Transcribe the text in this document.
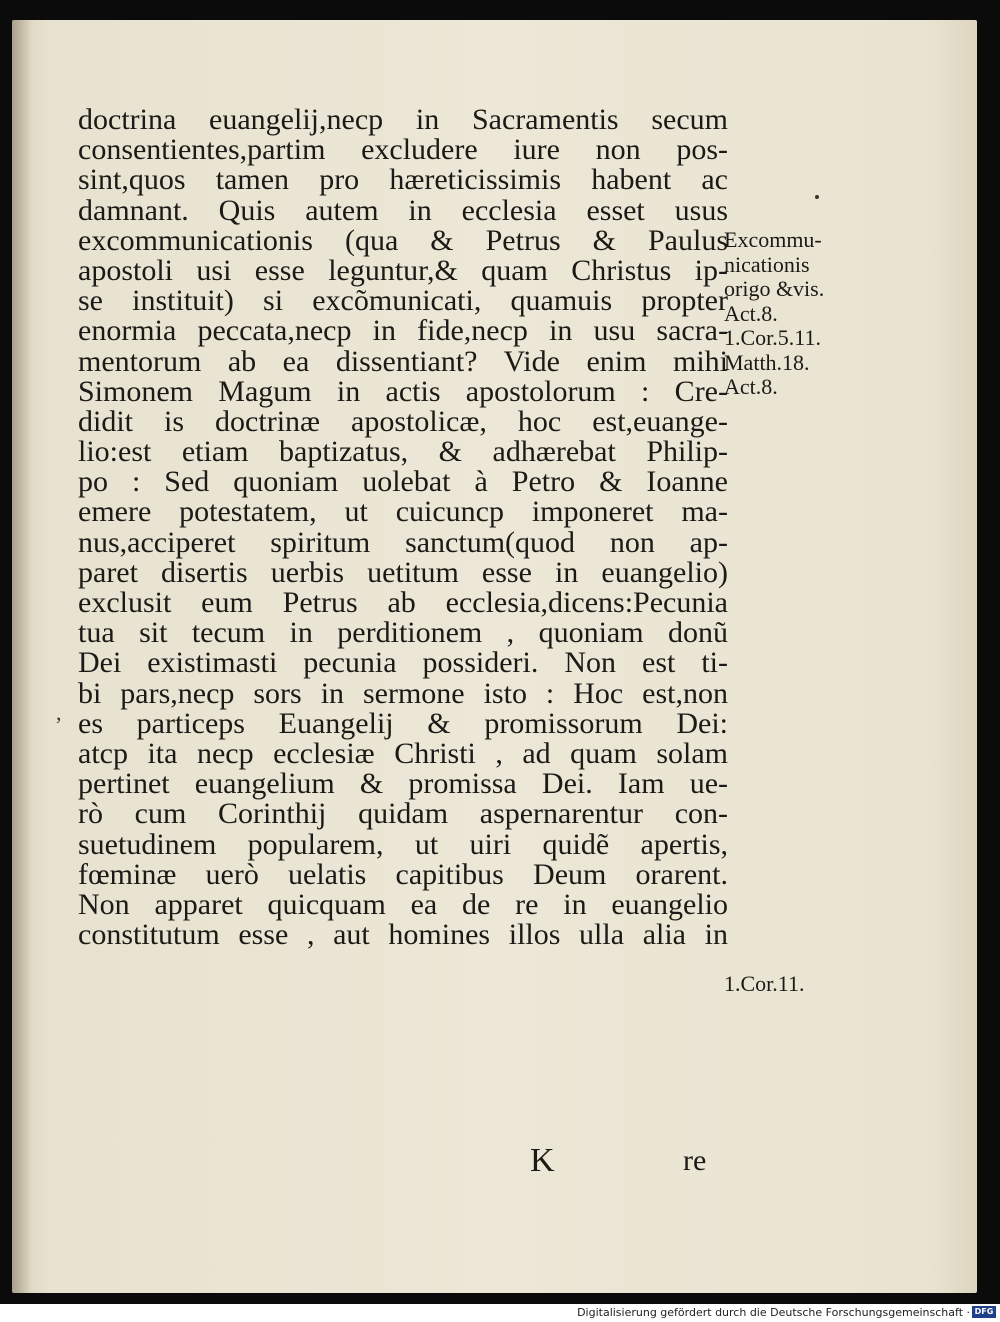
doctrina euangelij,necp in Sacramentis secum
consentientes,partim excludere iure non pos-
sint,quos tamen pro hæreticissimis habent ac
damnant. Quis autem in ecclesia esset usus
excommunicationis (qua & Petrus & Paulus
apostoli usi esse leguntur,& quam Christus ip-
se instituit) si excõmunicati, quamuis propter
enormia peccata,necp in fide,necp in usu sacra-
mentorum ab ea dissentiant? Vide enim mihi
Simonem Magum in actis apostolorum : Cre-
didit is doctrinæ apostolicæ, hoc est,euange-
lio:est etiam baptizatus, & adhærebat Philip-
po : Sed quoniam uolebat à Petro & Ioanne
emere potestatem, ut cuicuncp imponeret ma-
nus,acciperet spiritum sanctum(quod non ap-
paret disertis uerbis uetitum esse in euangelio)
exclusit eum Petrus ab ecclesia,dicens:Pecunia
tua sit tecum in perditionem , quoniam donũ
Dei existimasti pecunia possideri. Non est ti-
bi pars,necp sors in sermone isto : Hoc est,non
es particeps Euangelij & promissorum Dei:
atcp ita necp ecclesiæ Christi , ad quam solam
pertinet euangelium & promissa Dei. Iam ue-
rò cum Corinthij quidam aspernarentur con-
suetudinem popularem, ut uiri quidẽ apertis,
fœminæ uerò uelatis capitibus Deum orarent.
Non apparet quicquam ea de re in euangelio
constitutum esse , aut homines illos ulla alia in
K	re
,
Excommu-
nicationis
origo &vis.
Act.8.
1.Cor.5.11.
Matth.18.
Act.8.
1.Cor.11.
Digitalisierung gefördert durch die Deutsche Forschungsgemeinschaft · DFG
